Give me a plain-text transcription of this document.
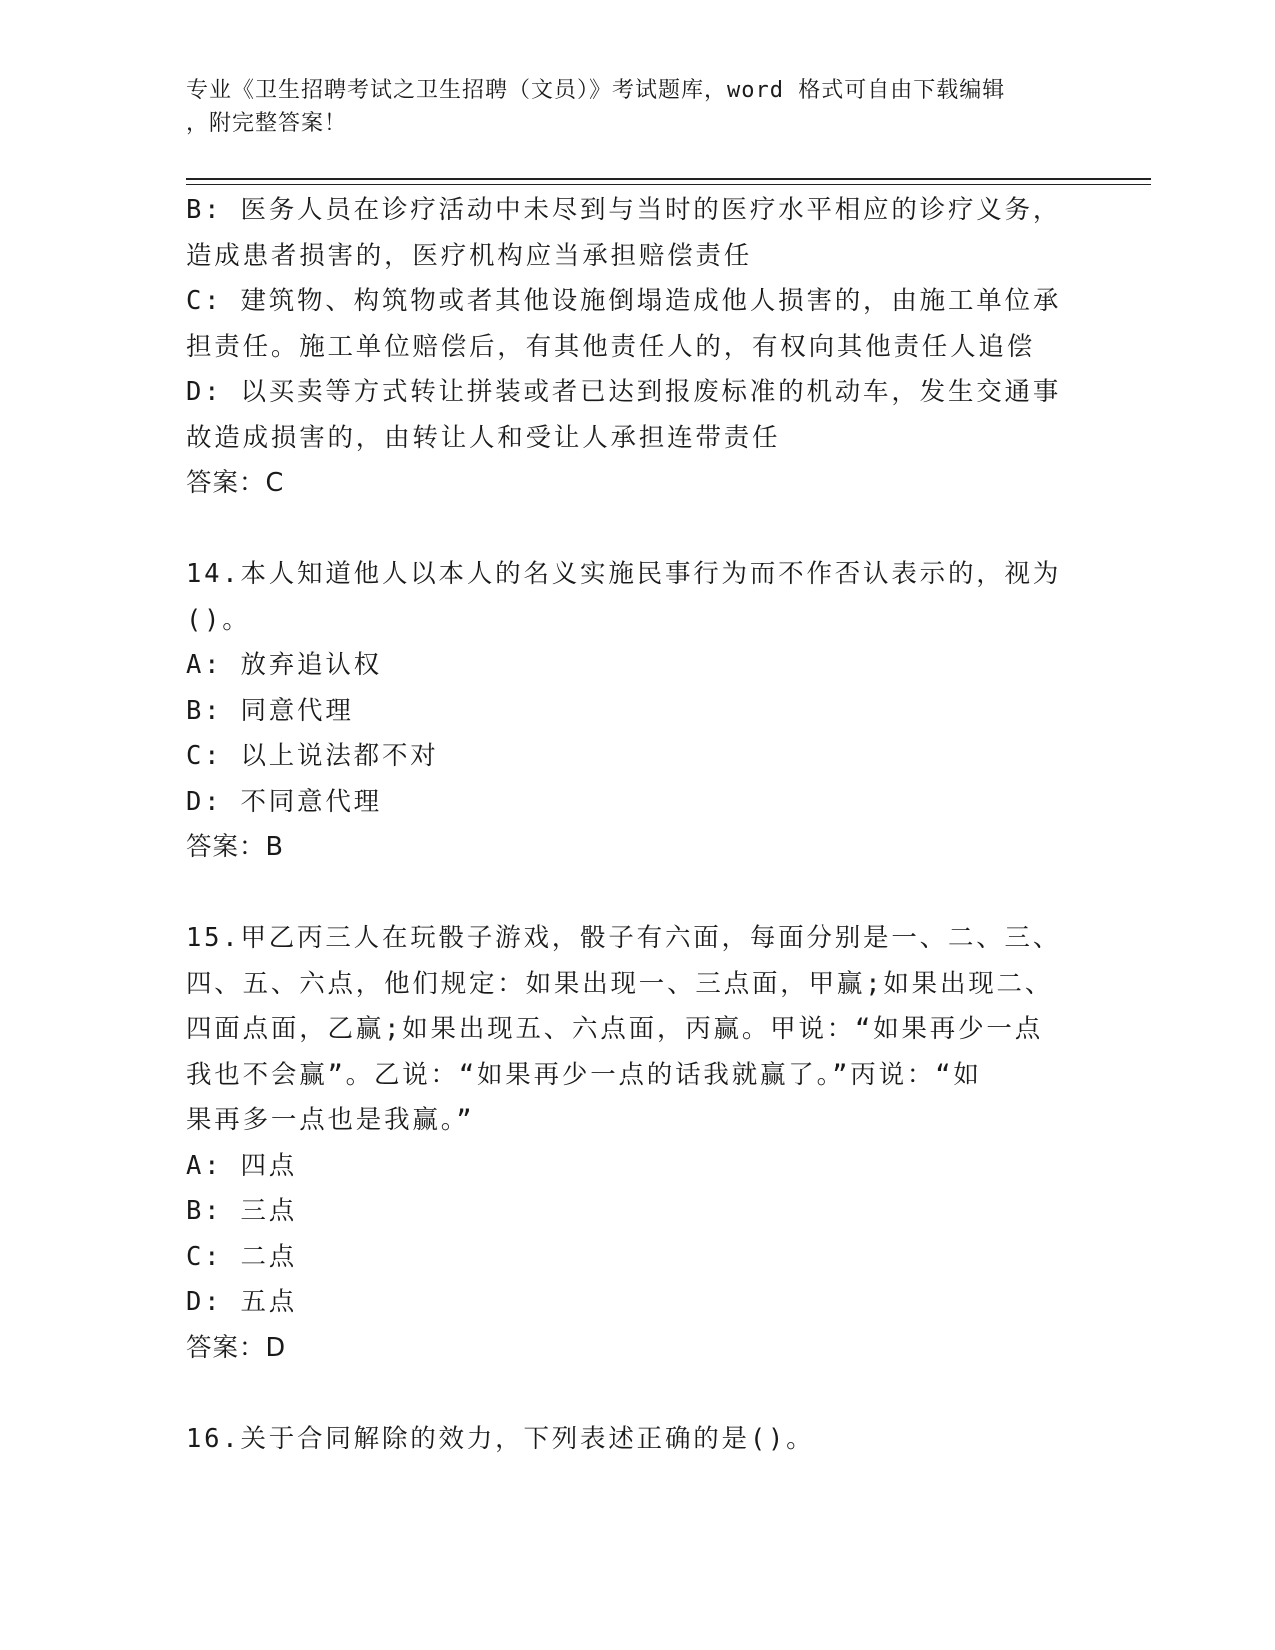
专业《卫生招聘考试之卫生招聘（文员）》考试题库，word 格式可自由下载编辑
，附完整答案！
B: 医务人员在诊疗活动中未尽到与当时的医疗水平相应的诊疗义务，
造成患者损害的，医疗机构应当承担赔偿责任
C: 建筑物、构筑物或者其他设施倒塌造成他人损害的，由施工单位承
担责任。施工单位赔偿后，有其他责任人的，有权向其他责任人追偿
D: 以买卖等方式转让拼装或者已达到报废标准的机动车，发生交通事
故造成损害的，由转让人和受让人承担连带责任
答案：C
14.本人知道他人以本人的名义实施民事行为而不作否认表示的，视为
()。
A: 放弃追认权
B: 同意代理
C: 以上说法都不对
D: 不同意代理
答案：B
15.甲乙丙三人在玩骰子游戏，骰子有六面，每面分别是一、二、三、
四、五、六点，他们规定：如果出现一、三点面，甲赢;如果出现二、
四面点面，乙赢;如果出现五、六点面，丙赢。甲说：“如果再少一点
我也不会赢”。乙说：“如果再少一点的话我就赢了。”丙说：“如
果再多一点也是我赢。”
A: 四点
B: 三点
C: 二点
D: 五点
答案：D
16.关于合同解除的效力，下列表述正确的是()。
